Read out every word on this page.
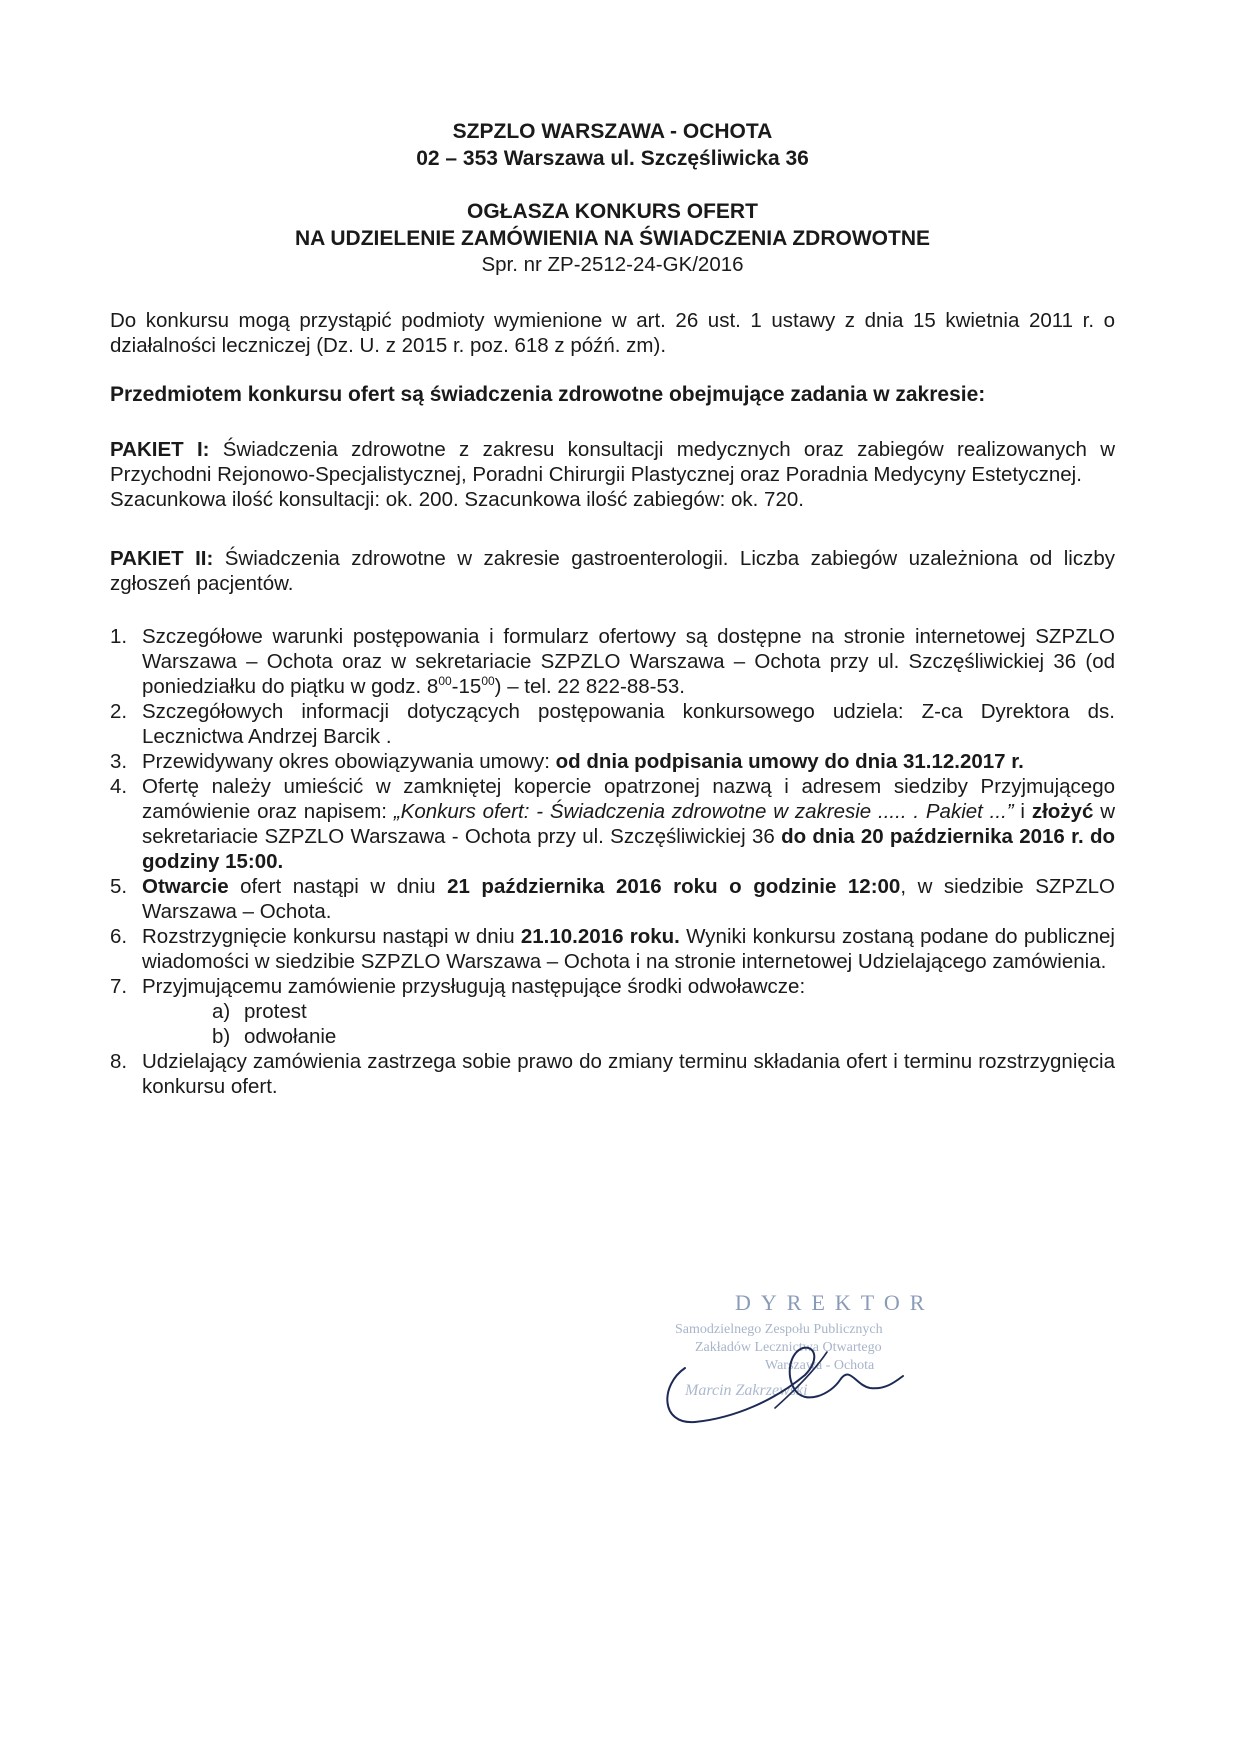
SZPZLO WARSZAWA - OCHOTA
02 – 353 Warszawa ul. Szczęśliwicka 36
OGŁASZA KONKURS OFERT
NA UDZIELENIE ZAMÓWIENIA NA ŚWIADCZENIA ZDROWOTNE
Spr. nr ZP-2512-24-GK/2016

Do konkursu mogą przystąpić podmioty wymienione w art. 26 ust. 1 ustawy z dnia 15 kwietnia 2011 r. o działalności leczniczej (Dz. U. z 2015 r. poz. 618 z późń. zm).

Przedmiotem konkursu ofert są świadczenia zdrowotne obejmujące zadania w zakresie:

PAKIET I: Świadczenia zdrowotne z zakresu konsultacji medycznych oraz zabiegów realizowanych w Przychodni Rejonowo-Specjalistycznej, Poradni Chirurgii Plastycznej oraz Poradnia Medycyny Estetycznej.

Szacunkowa ilość konsultacji: ok. 200. Szacunkowa ilość zabiegów: ok. 720.

PAKIET II: Świadczenia zdrowotne w zakresie gastroenterologii. Liczba zabiegów uzależniona od liczby zgłoszeń pacjentów.

1. Szczegółowe warunki postępowania i formularz ofertowy są dostępne na stronie internetowej SZPZLO Warszawa – Ochota oraz w sekretariacie SZPZLO Warszawa – Ochota przy ul. Szczęśliwickiej 36 (od poniedziałku do piątku w godz. $8^{00}-15^{00}$) – tel. 22 822-88-53.
2. Szczegółowych informacji dotyczących postępowania konkursowego udziela: Z-ca Dyrektora ds. Lecznictwa Andrzej Barcik .
3. Przewidywany okres obowiązywania umowy: od dnia podpisania umowy do dnia 31.12.2017 r.
4. Ofertę należy umieścić w zamkniętej kopercie opatrzonej nazwą i adresem siedziby Przyjmującego zamówienie oraz napisem: „Konkurs ofert: - Świadczenia zdrowotne w zakresie ..... . Pakiet ...” i złożyć w sekretariacie SZPZLO Warszawa - Ochota przy ul. Szczęśliwickiej 36 do dnia 20 października 2016 r. do godziny 15:00.
5. Otwarcie ofert nastąpi w dniu 21 października 2016 roku o godzinie 12:00, w siedzibie SZPZLO Warszawa – Ochota.
6. Rozstrzygnięcie konkursu nastąpi w dniu 21.10.2016 roku. Wyniki konkursu zostaną podane do publicznej wiadomości w siedzibie SZPZLO Warszawa – Ochota i na stronie internetowej Udzielającego zamówienia.
7. Przyjmującemu zamówienie przysługują następujące środki odwoławcze:
a) protest
b) odwołanie
8. Udzielający zamówienia zastrzega sobie prawo do zmiany terminu składania ofert i terminu rozstrzygnięcia konkursu ofert.
DYREKTOR
Samodzielnego Zespołu Publicznych
Zakładów Lecznictwa Otwartego
Warszawa - Ochota
Marcin Zakrzewski
